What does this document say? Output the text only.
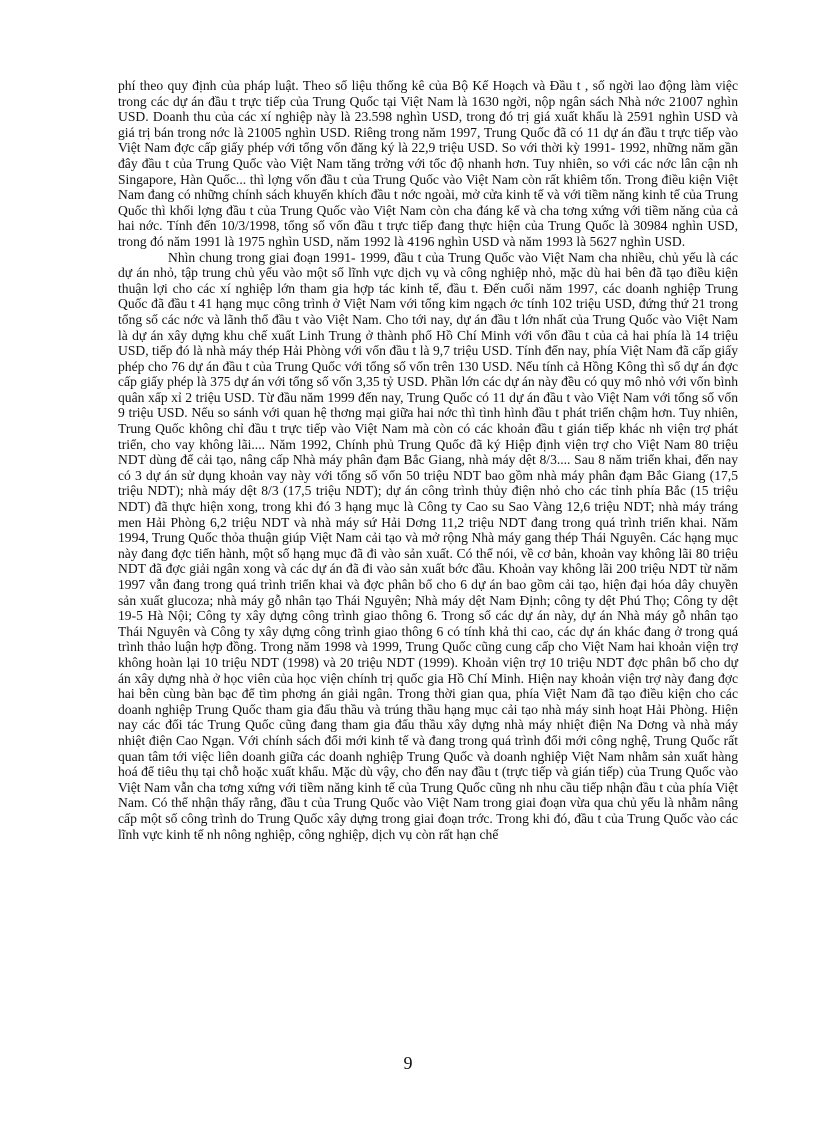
phí theo quy định của pháp luật. Theo số liệu thống kê của Bộ Kế Hoạch và Đầu t , số ngời lao động làm việc trong các dự án đầu t trực tiếp của Trung Quốc tại Việt Nam là 1630 ngời, nộp ngân sách Nhà nớc 21007 nghìn USD. Doanh thu của các xí nghiệp này là 23.598 nghìn USD, trong đó trị giá xuất khẩu là 2591 nghìn USD và giá trị bán trong nớc là 21005 nghìn USD. Riêng trong năm 1997, Trung Quốc đã có 11 dự án đầu t trực tiếp vào Việt Nam đợc cấp giấy phép với tổng vốn đăng ký là 22,9 triệu USD. So với thời kỳ 1991- 1992, những năm gần đây đầu t của Trung Quốc vào Việt Nam tăng trởng với tốc độ nhanh hơn. Tuy nhiên, so với các nớc lân cận nh Singapore, Hàn Quốc... thì lợng vốn đầu t của Trung Quốc vào Việt Nam còn rất khiêm tốn. Trong điều kiện Việt Nam đang có những chính sách khuyến khích đầu t nớc ngoài, mở cửa kinh tế và với tiềm năng kinh tế của Trung Quốc thì khối lợng đầu t của Trung Quốc vào Việt Nam còn cha đáng kể và cha tơng xứng với tiềm năng của cả hai nớc. Tính đến 10/3/1998, tổng số vốn đầu t trực tiếp đang thực hiện của Trung Quốc là 30984 nghìn USD, trong đó năm 1991 là 1975 nghìn USD, năm 1992 là 4196 nghìn USD và năm 1993 là 5627 nghìn USD.

Nhìn chung trong giai đoạn 1991- 1999, đầu t của Trung Quốc vào Việt Nam cha nhiều, chủ yếu là các dự án nhỏ, tập trung chủ yếu vào một số lĩnh vực dịch vụ và công nghiệp nhỏ, mặc dù hai bên đã tạo điều kiện thuận lợi cho các xí nghiệp lớn tham gia hợp tác kinh tế, đầu t. Đến cuối năm 1997, các doanh nghiệp Trung Quốc đã đầu t 41 hạng mục công trình ở Việt Nam với tổng kim ngạch ớc tính 102 triệu USD, đứng thứ 21 trong tổng số các nớc và lãnh thổ đầu t vào Việt Nam. Cho tới nay, dự án đầu t lớn nhất của Trung Quốc vào Việt Nam là dự án xây dựng khu chế xuất Linh Trung ở thành phố Hồ Chí Minh với vốn đầu t của cả hai phía là 14 triệu USD, tiếp đó là nhà máy thép Hải Phòng với vốn đầu t là 9,7 triệu USD. Tính đến nay, phía Việt Nam đã cấp giấy phép cho 76 dự án đầu t của Trung Quốc với tổng số vốn trên 130 USD. Nếu tính cả Hồng Kông thì số dự án đợc cấp giấy phép là 375 dự án với tổng số vốn 3,35 tỷ USD. Phần lớn các dự án này đều có quy mô nhỏ với vốn bình quân xấp xỉ 2 triệu USD. Từ đầu năm 1999 đến nay, Trung Quốc có 11 dự án đầu t vào Việt Nam với tổng số vốn 9 triệu USD. Nếu so sánh với quan hệ thơng mại giữa hai nớc thì tình hình đầu t phát triển chậm hơn. Tuy nhiên, Trung Quốc không chỉ đầu t trực tiếp vào Việt Nam mà còn có các khoản đầu t gián tiếp khác nh viện trợ phát triển, cho vay không lãi.... Năm 1992, Chính phủ Trung Quốc đã ký Hiệp định viện trợ cho Việt Nam 80 triệu NDT dùng để cải tạo, nâng cấp Nhà máy phân đạm Bắc Giang, nhà máy dệt 8/3.... Sau 8 năm triển khai, đến nay có 3 dự án sử dụng khoản vay này với tổng số vốn 50 triệu NDT bao gồm nhà máy phân đạm Bắc Giang (17,5 triệu NDT); nhà máy dệt 8/3 (17,5 triệu NDT); dự án công trình thủy điện nhỏ cho các tỉnh phía Bắc (15 triệu NDT) đã thực hiện xong, trong khi đó 3 hạng mục là Công ty Cao su Sao Vàng 12,6 triệu NDT; nhà máy tráng men Hải Phòng 6,2 triệu NDT và nhà máy sứ Hải Dơng 11,2 triệu NDT đang trong quá trình triển khai. Năm 1994, Trung Quốc thỏa thuận giúp Việt Nam cải tạo và mở rộng Nhà máy gang thép Thái Nguyên. Các hạng mục này đang đợc tiến hành, một số hạng mục đã đi vào sản xuất. Có thể nói, về cơ bản, khoản vay không lãi 80 triệu NDT đã đợc giải ngân xong và các dự án đã đi vào sản xuất bớc đầu. Khoản vay không lãi 200 triệu NDT từ năm 1997 vẫn đang trong quá trình triển khai và đợc phân bổ cho 6 dự án bao gồm cải tạo, hiện đại hóa dây chuyền sản xuất glucoza; nhà máy gỗ nhân tạo Thái Nguyên; Nhà máy dệt Nam Định; công ty dệt Phú Thọ; Công ty dệt 19-5 Hà Nội; Công ty xây dựng công trình giao thông 6. Trong số các dự án này, dự án Nhà máy gỗ nhân tạo Thái Nguyên và Công ty xây dựng công trình giao thông 6 có tính khả thi cao, các dự án khác đang ở trong quá trình thảo luận hợp đồng. Trong năm 1998 và 1999, Trung Quốc cũng cung cấp cho Việt Nam hai khoản viện trợ không hoàn lại 10 triệu NDT (1998) và 20 triệu NDT (1999). Khoản viện trợ 10 triệu NDT đợc phân bổ cho dự án xây dựng nhà ở học viên của học viện chính trị quốc gia Hồ Chí Minh. Hiện nay khoản viện trợ này đang đợc hai bên cùng bàn bạc để tìm phơng án giải ngân. Trong thời gian qua, phía Việt Nam đã tạo điều kiện cho các doanh nghiệp Trung Quốc tham gia đấu thầu và trúng thầu hạng mục cải tạo nhà máy sinh hoạt Hải Phòng. Hiện nay các đối tác Trung Quốc cũng đang tham gia đấu thầu xây dựng nhà máy nhiệt điện Na Dơng và nhà máy nhiệt điện Cao Ngạn. Với chính sách đổi mới kinh tế và đang trong quá trình đổi mới công nghệ, Trung Quốc rất quan tâm tới việc liên doanh giữa các doanh nghiệp Trung Quốc và doanh nghiệp Việt Nam nhằm sản xuất hàng hoá để tiêu thụ tại chỗ hoặc xuất khẩu. Mặc dù vậy, cho đến nay đầu t (trực tiếp và gián tiếp) của Trung Quốc vào Việt Nam vẫn cha tơng xứng với tiềm năng kinh tế của Trung Quốc cũng nh nhu cầu tiếp nhận đầu t của phía Việt Nam. Có thể nhận thấy rằng, đầu t của Trung Quốc vào Việt Nam trong giai đoạn vừa qua chủ yếu là nhằm nâng cấp một số công trình do Trung Quốc xây dựng trong giai đoạn trớc. Trong khi đó, đầu t của Trung Quốc vào các lĩnh vực kinh tế nh nông nghiệp, công nghiệp, dịch vụ còn rất hạn chế

9
